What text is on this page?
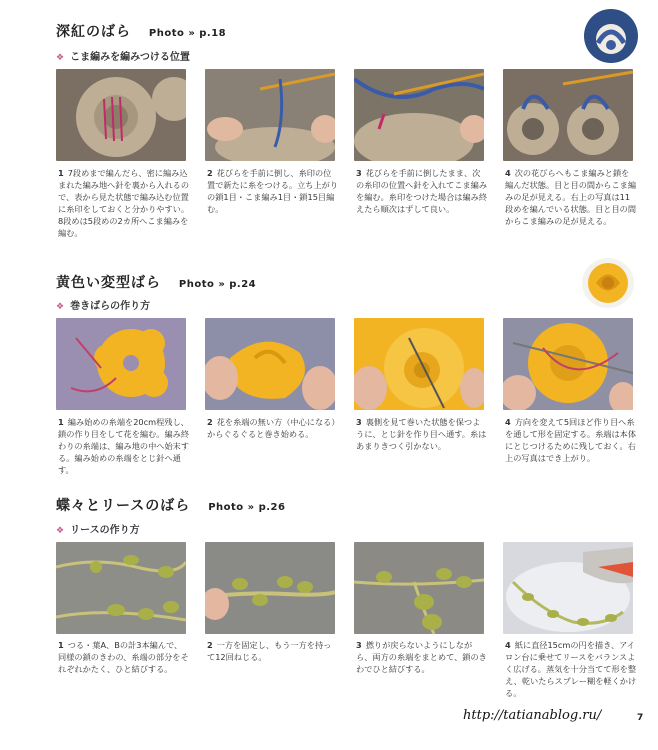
深紅のばら Photo » p.18
❖ こま編みを編みつける位置
1 7段めまで編んだら、密に編み込まれた編み地へ針を裏から入れるので、表から見た状態で編み込む位置に糸印をしておくと分かりやすい。8段めは5段めの2カ所へこま編みを編む。
2 花びらを手前に倒し、糸印の位置で新たに糸をつける。立ち上がりの鎖1目・こま編み1目・鎖15目編む。
3 花びらを手前に倒したまま、次の糸印の位置へ針を入れてこま編みを編む。糸印をつけた場合は編み終えたら順次はずして良い。
4 次の花びらへもこま編みと鎖を編んだ状態。目と目の間からこま編みの足が見える。右上の写真は11段めを編んでいる状態。目と目の間からこま編みの足が見える。
黄色い変型ばら Photo » p.24
❖ 巻きばらの作り方
1 編み始めの糸端を20cm程残し、鎖の作り目をして花を編む。編み終わりの糸端は、編み地の中へ始末する。編み始めの糸端をとじ針へ通す。
2 花を糸端の無い方（中心になる）からぐるぐると巻き始める。
3 裏側を見て巻いた状態を保つように、とじ針を作り目へ通す。糸はあまりきつく引かない。
4 方向を変えて5回ほど作り目へ糸を通して形を固定する。糸端は本体にとじつけるために残しておく。右上の写真はでき上がり。
蝶々とリースのばら Photo » p.26
❖ リースの作り方
1 つる・葉A、Bの計3本編んで、同様の鎖のきわの、糸端の部分をそれぞれかたく、ひと結びする。
2 一方を固定し、もう一方を持って12回ねじる。
3 撚りが戻らないようにしながら、両方の糸端をまとめて、鎖のきわでひと結びする。
4 紙に直径15cmの円を描き、アイロン台に乗せてリースをバランスよく広げる。蒸気を十分当てて形を整え、乾いたらスプレー糊を軽くかける。
http://tatianablog.ru/	7
